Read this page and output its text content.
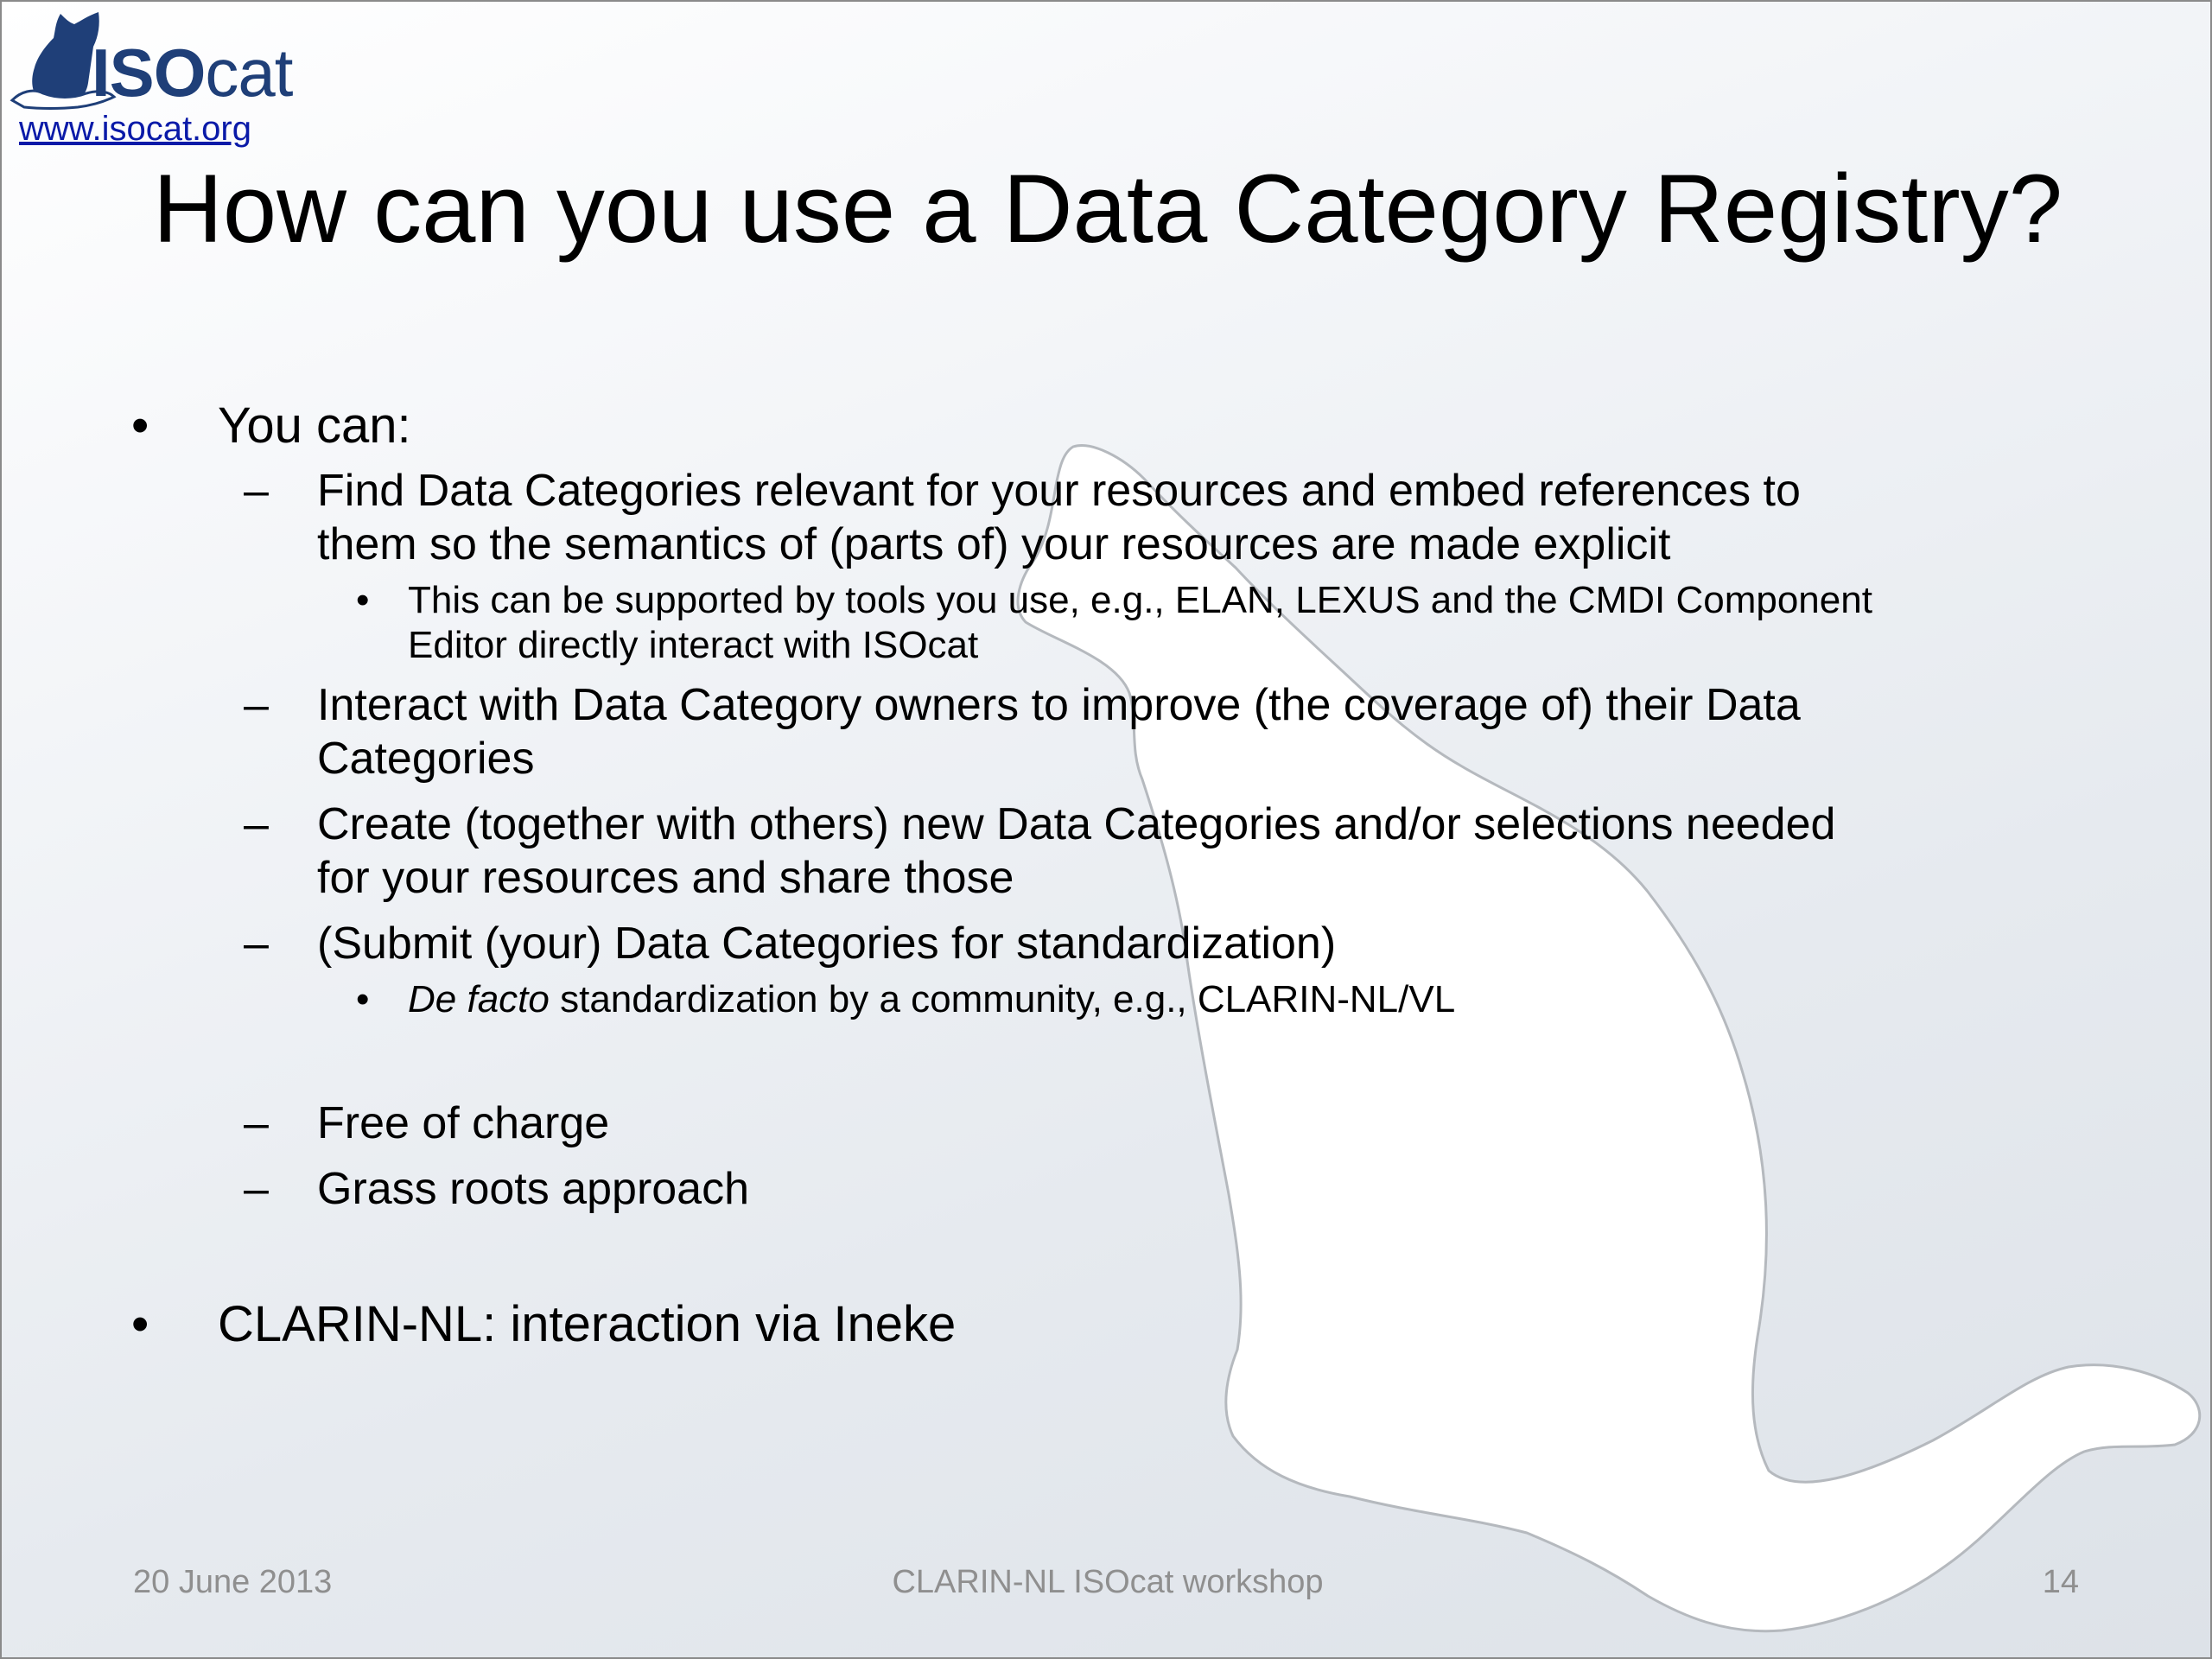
ISOcat
www.isocat.org
How can you use a Data Category Registry?
• You can:
– Find Data Categories relevant for your resources and embed references to
them so the semantics of (parts of) your resources are made explicit
• This can be supported by tools you use, e.g., ELAN, LEXUS and the CMDI Component
Editor directly interact with ISOcat
– Interact with Data Category owners to improve (the coverage of) their Data
Categories
– Create (together with others) new Data Categories and/or selections needed
for your resources and share those
– (Submit (your) Data Categories for standardization)
• De facto standardization by a community, e.g., CLARIN-NL/VL
– Free of charge
– Grass roots approach
• CLARIN-NL: interaction via Ineke
20 June 2013	CLARIN-NL ISOcat workshop	14
